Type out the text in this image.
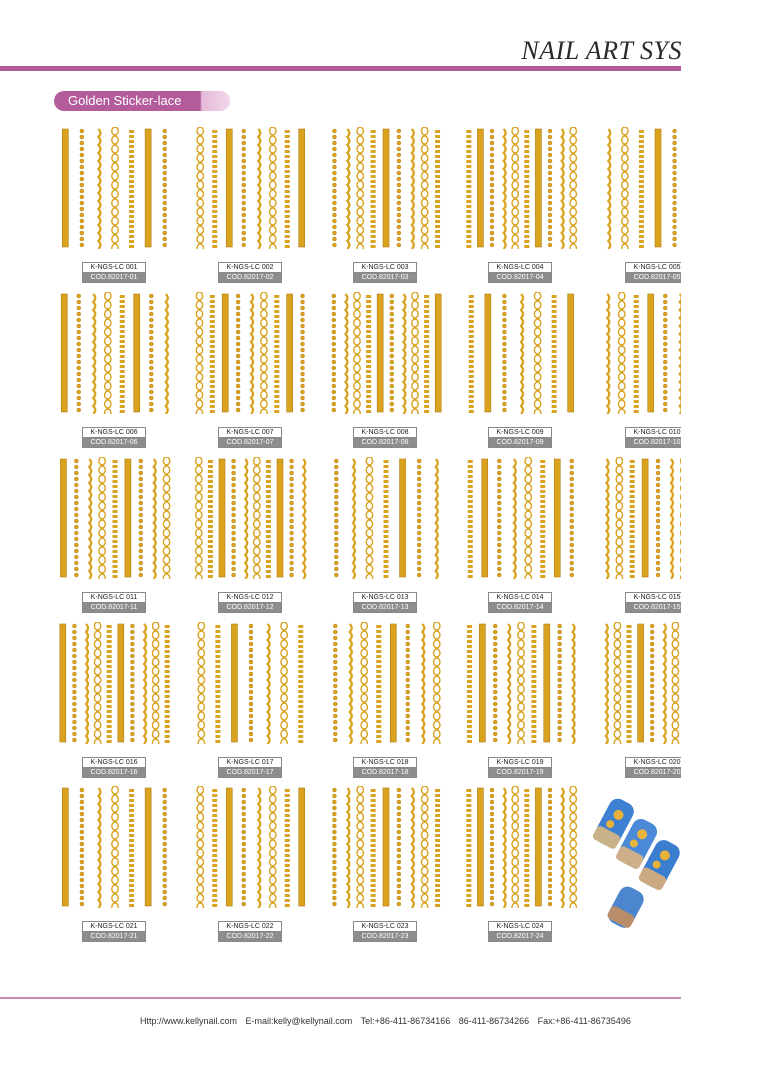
NAIL ART SYS
Golden Sticker-lace
K-NGS-LC 001
COD.82017-01
K-NGS-LC 002
COD.82017-02
K-NGS-LC 003
COD.82017-03
K-NGS-LC 004
COD.82017-04
K-NGS-LC 005
COD.82017-05
K-NGS-LC 006
COD.82017-06
K-NGS-LC 007
COD.82017-07
K-NGS-LC 008
COD.82017-08
K-NGS-LC 009
COD.82017-09
K-NGS-LC 010
COD.82017-10
K-NGS-LC 011
COD.82017-11
K-NGS-LC 012
COD.82017-12
K-NGS-LC 013
COD.82017-13
K-NGS-LC 014
COD.82017-14
K-NGS-LC 015
COD.82017-15
K-NGS-LC 016
COD.82017-16
K-NGS-LC 017
COD.82017-17
K-NGS-LC 018
COD.82017-18
K-NGS-LC 019
COD.82017-19
K-NGS-LC 020
COD.82017-20
K-NGS-LC 021
COD.82017-21
K-NGS-LC 022
COD.82017-22
K-NGS-LC 023
COD.82017-23
K-NGS-LC 024
COD.82017-24
Http://www.kellynail.com E-mail:kelly@kellynail.com Tel:+86-411-86734166 86-411-86734266 Fax:+86-411-86735496
